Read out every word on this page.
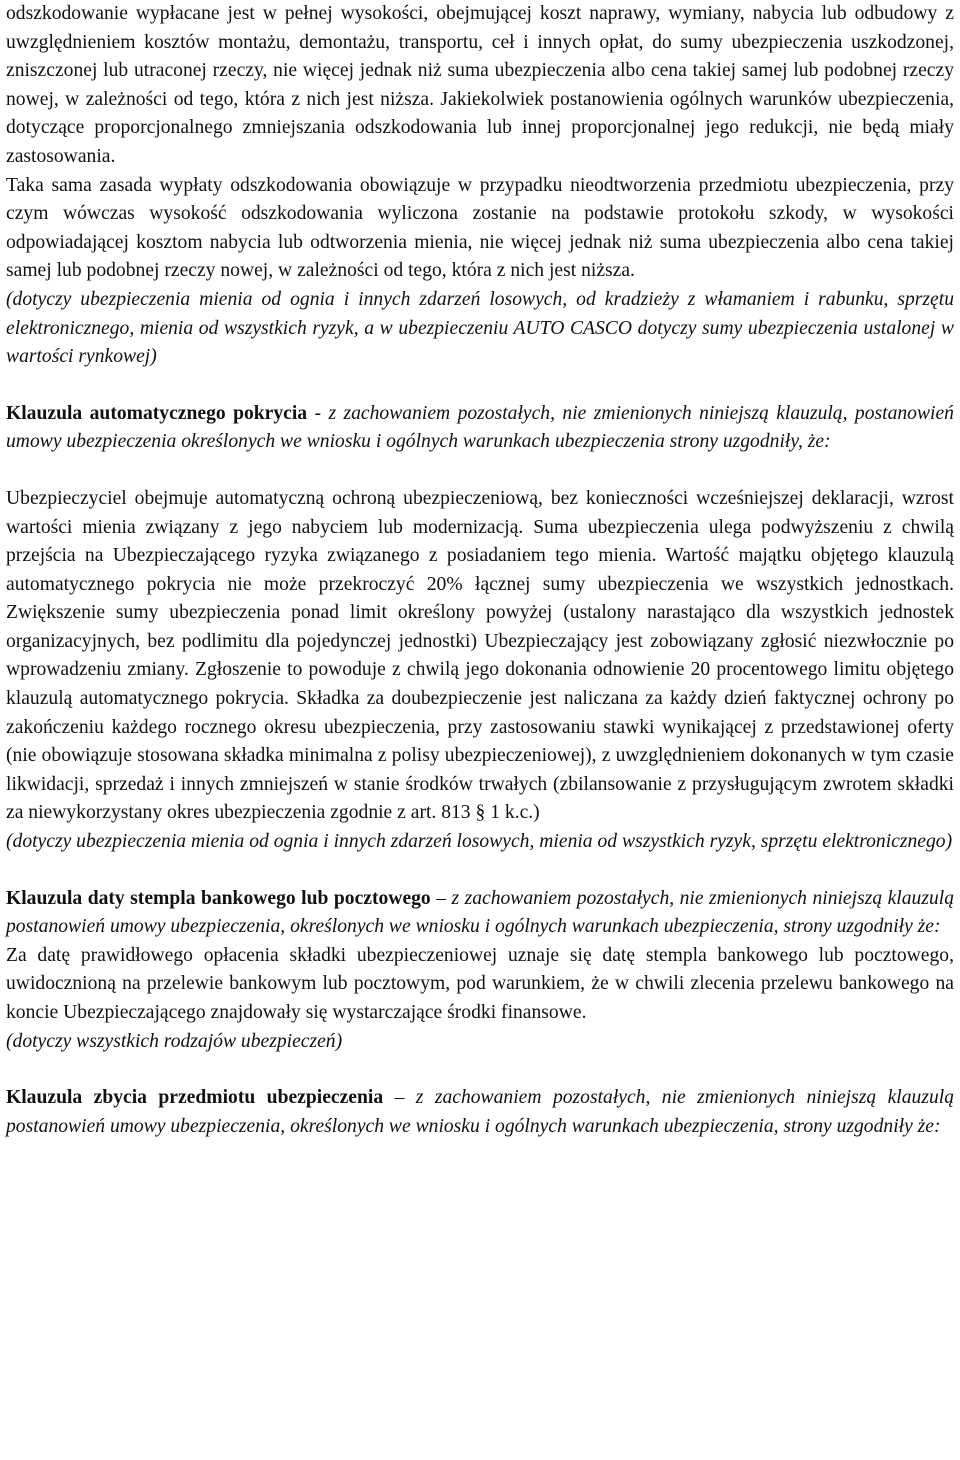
odszkodowanie wypłacane jest w pełnej wysokości, obejmującej koszt naprawy, wymiany, nabycia lub odbudowy z uwzględnieniem kosztów montażu, demontażu, transportu, ceł i innych opłat, do sumy ubezpieczenia uszkodzonej, zniszczonej lub utraconej rzeczy, nie więcej jednak niż suma ubezpieczenia albo cena takiej samej lub podobnej rzeczy nowej, w zależności od tego, która z nich jest niższa. Jakiekolwiek postanowienia ogólnych warunków ubezpieczenia, dotyczące proporcjonalnego zmniejszania odszkodowania lub innej proporcjonalnej jego redukcji, nie będą miały zastosowania.

Taka sama zasada wypłaty odszkodowania obowiązuje w przypadku nieodtworzenia przedmiotu ubezpieczenia, przy czym wówczas wysokość odszkodowania wyliczona zostanie na podstawie protokołu szkody, w wysokości odpowiadającej kosztom nabycia lub odtworzenia mienia, nie więcej jednak niż suma ubezpieczenia albo cena takiej samej lub podobnej rzeczy nowej, w zależności od tego, która z nich jest niższa.

(dotyczy ubezpieczenia mienia od ognia i innych zdarzeń losowych, od kradzieży z włamaniem i rabunku, sprzętu elektronicznego, mienia od wszystkich ryzyk, a w ubezpieczeniu AUTO CASCO dotyczy sumy ubezpieczenia ustalonej w wartości rynkowej)

Klauzula automatycznego pokrycia - z zachowaniem pozostałych, nie zmienionych niniejszą klauzulą, postanowień umowy ubezpieczenia określonych we wniosku i ogólnych warunkach ubezpieczenia strony uzgodniły, że:

Ubezpieczyciel obejmuje automatyczną ochroną ubezpieczeniową, bez konieczności wcześniejszej deklaracji, wzrost wartości mienia związany z jego nabyciem lub modernizacją. Suma ubezpieczenia ulega podwyższeniu z chwilą przejścia na Ubezpieczającego ryzyka związanego z posiadaniem tego mienia. Wartość majątku objętego klauzulą automatycznego pokrycia nie może przekroczyć 20% łącznej sumy ubezpieczenia we wszystkich jednostkach. Zwiększenie sumy ubezpieczenia ponad limit określony powyżej (ustalony narastająco dla wszystkich jednostek organizacyjnych, bez podlimitu dla pojedynczej jednostki) Ubezpieczający jest zobowiązany zgłosić niezwłocznie po wprowadzeniu zmiany. Zgłoszenie to powoduje z chwilą jego dokonania odnowienie 20 procentowego limitu objętego klauzulą automatycznego pokrycia. Składka za doubezpieczenie jest naliczana za każdy dzień faktycznej ochrony po zakończeniu każdego rocznego okresu ubezpieczenia, przy zastosowaniu stawki wynikającej z przedstawionej oferty (nie obowiązuje stosowana składka minimalna z polisy ubezpieczeniowej), z uwzględnieniem dokonanych w tym czasie likwidacji, sprzedaż i innych zmniejszeń w stanie środków trwałych (zbilansowanie z przysługującym zwrotem składki za niewykorzystany okres ubezpieczenia zgodnie z art. 813 § 1 k.c.)

(dotyczy ubezpieczenia mienia od ognia i innych zdarzeń losowych, mienia od wszystkich ryzyk, sprzętu elektronicznego)

Klauzula daty stempla bankowego lub pocztowego – z zachowaniem pozostałych, nie zmienionych niniejszą klauzulą postanowień umowy ubezpieczenia, określonych we wniosku i ogólnych warunkach ubezpieczenia, strony uzgodniły że:

Za datę prawidłowego opłacenia składki ubezpieczeniowej uznaje się datę stempla bankowego lub pocztowego, uwidocznioną na przelewie bankowym lub pocztowym, pod warunkiem, że w chwili zlecenia przelewu bankowego na koncie Ubezpieczającego znajdowały się wystarczające środki finansowe.

(dotyczy wszystkich rodzajów ubezpieczeń)

Klauzula zbycia przedmiotu ubezpieczenia – z zachowaniem pozostałych, nie zmienionych niniejszą klauzulą postanowień umowy ubezpieczenia, określonych we wniosku i ogólnych warunkach ubezpieczenia, strony uzgodniły że:
